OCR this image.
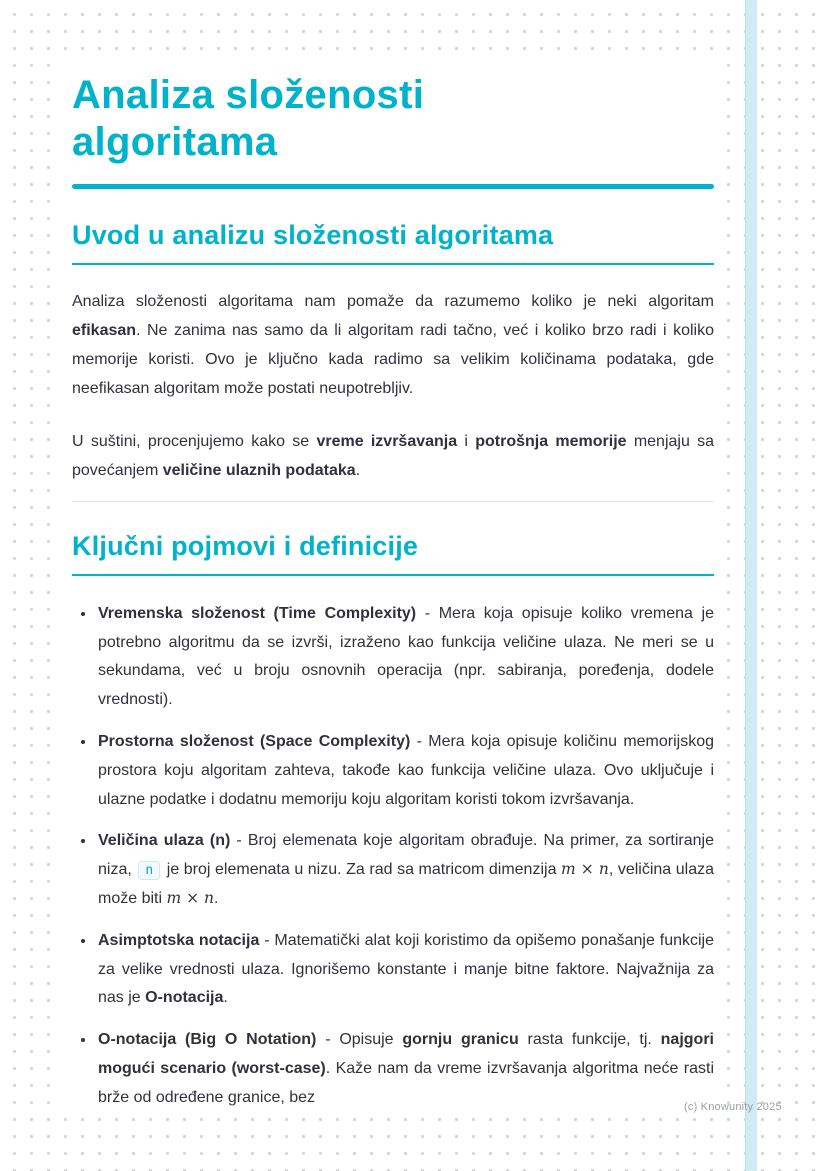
Analiza složenosti
algoritama
Uvod u analizu složenosti algoritama

Analiza složenosti algoritama nam pomaže da razumemo koliko je neki algoritam efikasan. Ne zanima nas samo da li algoritam radi tačno, već i koliko brzo radi i koliko memorije koristi. Ovo je ključno kada radimo sa velikim količinama podataka, gde neefikasan algoritam može postati neupotrebljiv.

U suštini, procenjujemo kako se vreme izvršavanja i potrošnja memorije menjaju sa povećanjem veličine ulaznih podataka.

Ključni pojmovi i definicije
• Vremenska složenost (Time Complexity) - Mera koja opisuje koliko vremena je potrebno algoritmu da se izvrši, izraženo kao funkcija veličine ulaza. Ne meri se u sekundama, već u broju osnovnih operacija (npr. sabiranja, poređenja, dodele vrednosti).
• Prostorna složenost (Space Complexity) - Mera koja opisuje količinu memorijskog prostora koju algoritam zahteva, takođe kao funkcija veličine ulaza. Ovo uključuje i ulazne podatke i dodatnu memoriju koju algoritam koristi tokom izvršavanja.
• Veličina ulaza (n) - Broj elemenata koje algoritam obrađuje. Na primer, za sortiranje niza, n je broj elemenata u nizu. Za rad sa matricom dimenzija m × n, veličina ulaza može biti m × n.
• Asimptotska notacija - Matematički alat koji koristimo da opišemo ponašanje funkcije za velike vrednosti ulaza. Ignorišemo konstante i manje bitne faktore. Najvažnija za nas je O-notacija.
• O-notacija (Big O Notation) - Opisuje gornju granicu rasta funkcije, tj. najgori mogući scenario (worst-case). Kaže nam da vreme izvršavanja algoritma neće rasti brže od određene granice, bez
(c) Knowunity 2025
